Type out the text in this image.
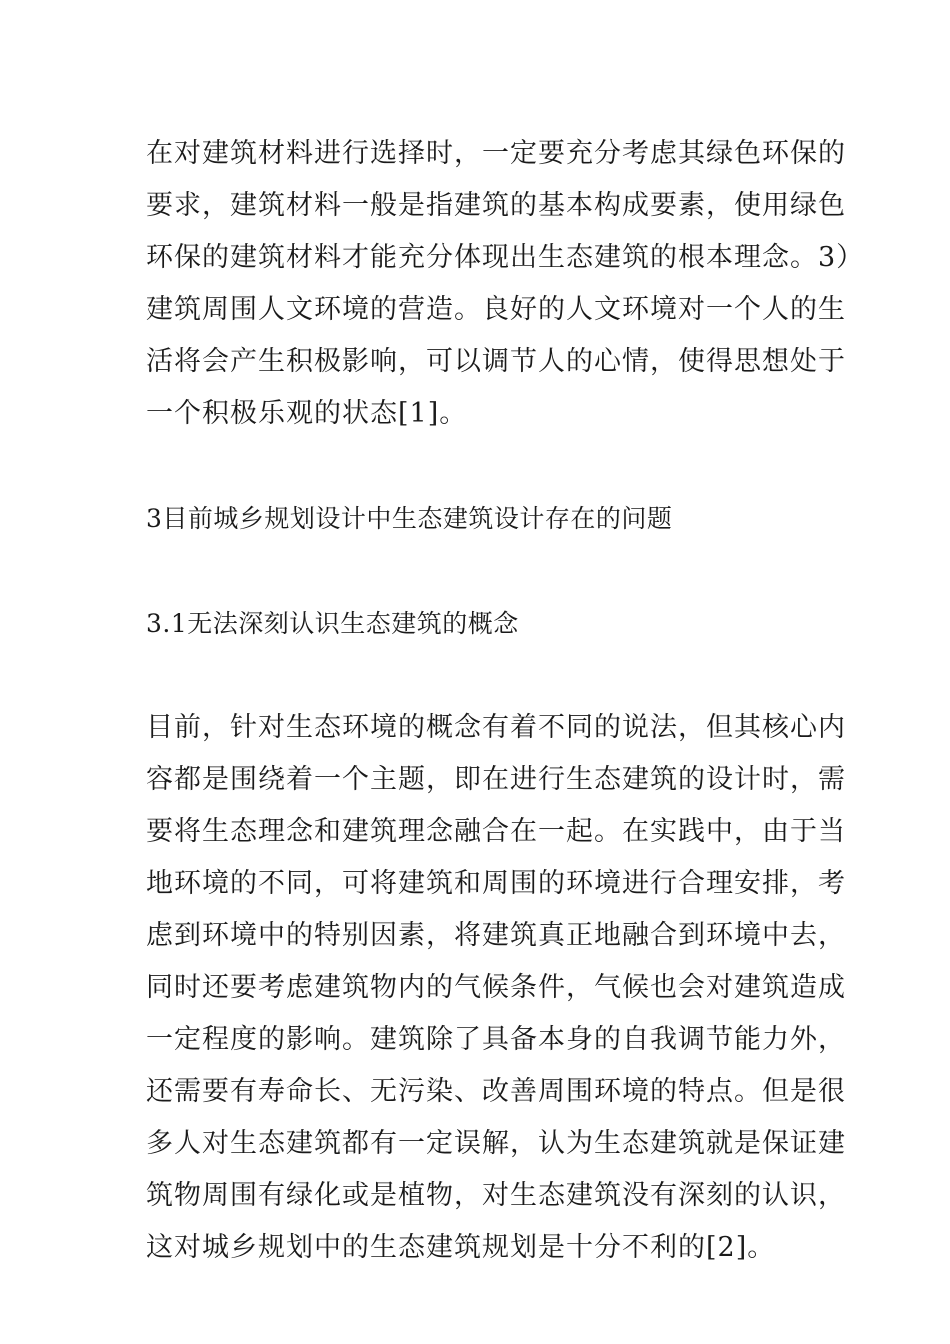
在对建筑材料进行选择时，一定要充分考虑其绿色环保的
要求，建筑材料一般是指建筑的基本构成要素，使用绿色
环保的建筑材料才能充分体现出生态建筑的根本理念。3）
建筑周围人文环境的营造。良好的人文环境对一个人的生
活将会产生积极影响，可以调节人的心情，使得思想处于
一个积极乐观的状态[1]。
3目前城乡规划设计中生态建筑设计存在的问题
3.1无法深刻认识生态建筑的概念
目前，针对生态环境的概念有着不同的说法，但其核心内
容都是围绕着一个主题，即在进行生态建筑的设计时，需
要将生态理念和建筑理念融合在一起。在实践中，由于当
地环境的不同，可将建筑和周围的环境进行合理安排，考
虑到环境中的特别因素，将建筑真正地融合到环境中去，
同时还要考虑建筑物内的气候条件，气候也会对建筑造成
一定程度的影响。建筑除了具备本身的自我调节能力外，
还需要有寿命长、无污染、改善周围环境的特点。但是很
多人对生态建筑都有一定误解，认为生态建筑就是保证建
筑物周围有绿化或是植物，对生态建筑没有深刻的认识，
这对城乡规划中的生态建筑规划是十分不利的[2]。
